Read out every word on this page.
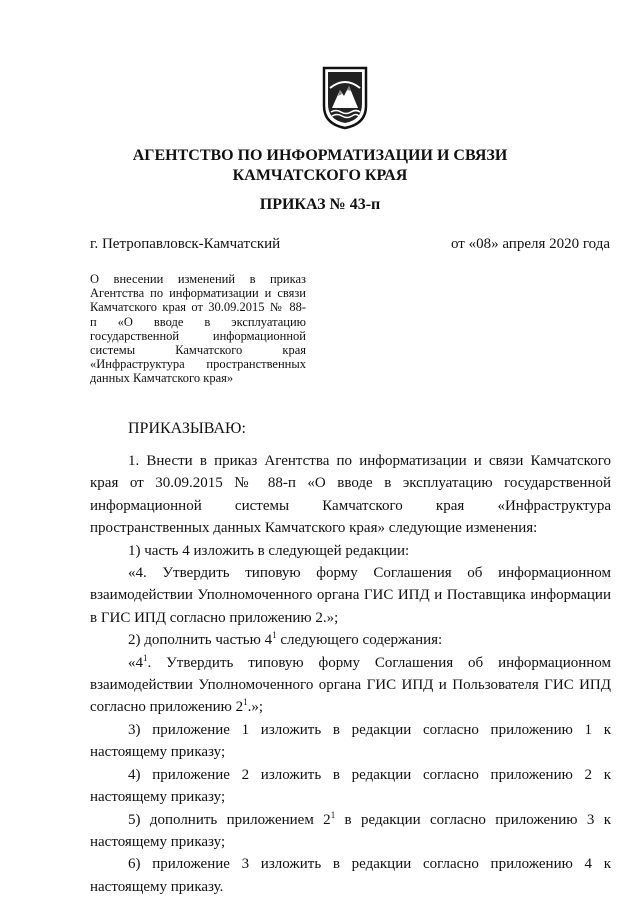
АГЕНТСТВО ПО ИНФОРМАТИЗАЦИИ И СВЯЗИ
КАМЧАТСКОГО КРАЯ
ПРИКАЗ № 43-п
г. Петропавловск-Камчатский	от «08» апреля 2020 года
О внесении изменений в приказ
Агентства по информатизации и связи
Камчатского края от 30.09.2015 № 88-
п «О вводе в эксплуатацию
государственной информационной
системы Камчатского края
«Инфраструктура пространственных
данных Камчатского края»
ПРИКАЗЫВАЮ:

1. Внести в приказ Агентства по информатизации и связи Камчатского края от 30.09.2015 № 88-п «О вводе в эксплуатацию государственной информационной системы Камчатского края «Инфраструктура пространственных данных Камчатского края» следующие изменения:

1) часть 4 изложить в следующей редакции:

«4. Утвердить типовую форму Соглашения об информационном взаимодействии Уполномоченного органа ГИС ИПД и Поставщика информации в ГИС ИПД согласно приложению 2.»;

2) дополнить частью $4^1$ следующего содержания:

«$4^1$. Утвердить типовую форму Соглашения об информационном взаимодействии Уполномоченного органа ГИС ИПД и Пользователя ГИС ИПД согласно приложению $2^1$.»;

3) приложение 1 изложить в редакции согласно приложению 1 к настоящему приказу;

4) приложение 2 изложить в редакции согласно приложению 2 к настоящему приказу;

5) дополнить приложением $2^1$ в редакции согласно приложению 3 к настоящему приказу;

6) приложение 3 изложить в редакции согласно приложению 4 к настоящему приказу.
